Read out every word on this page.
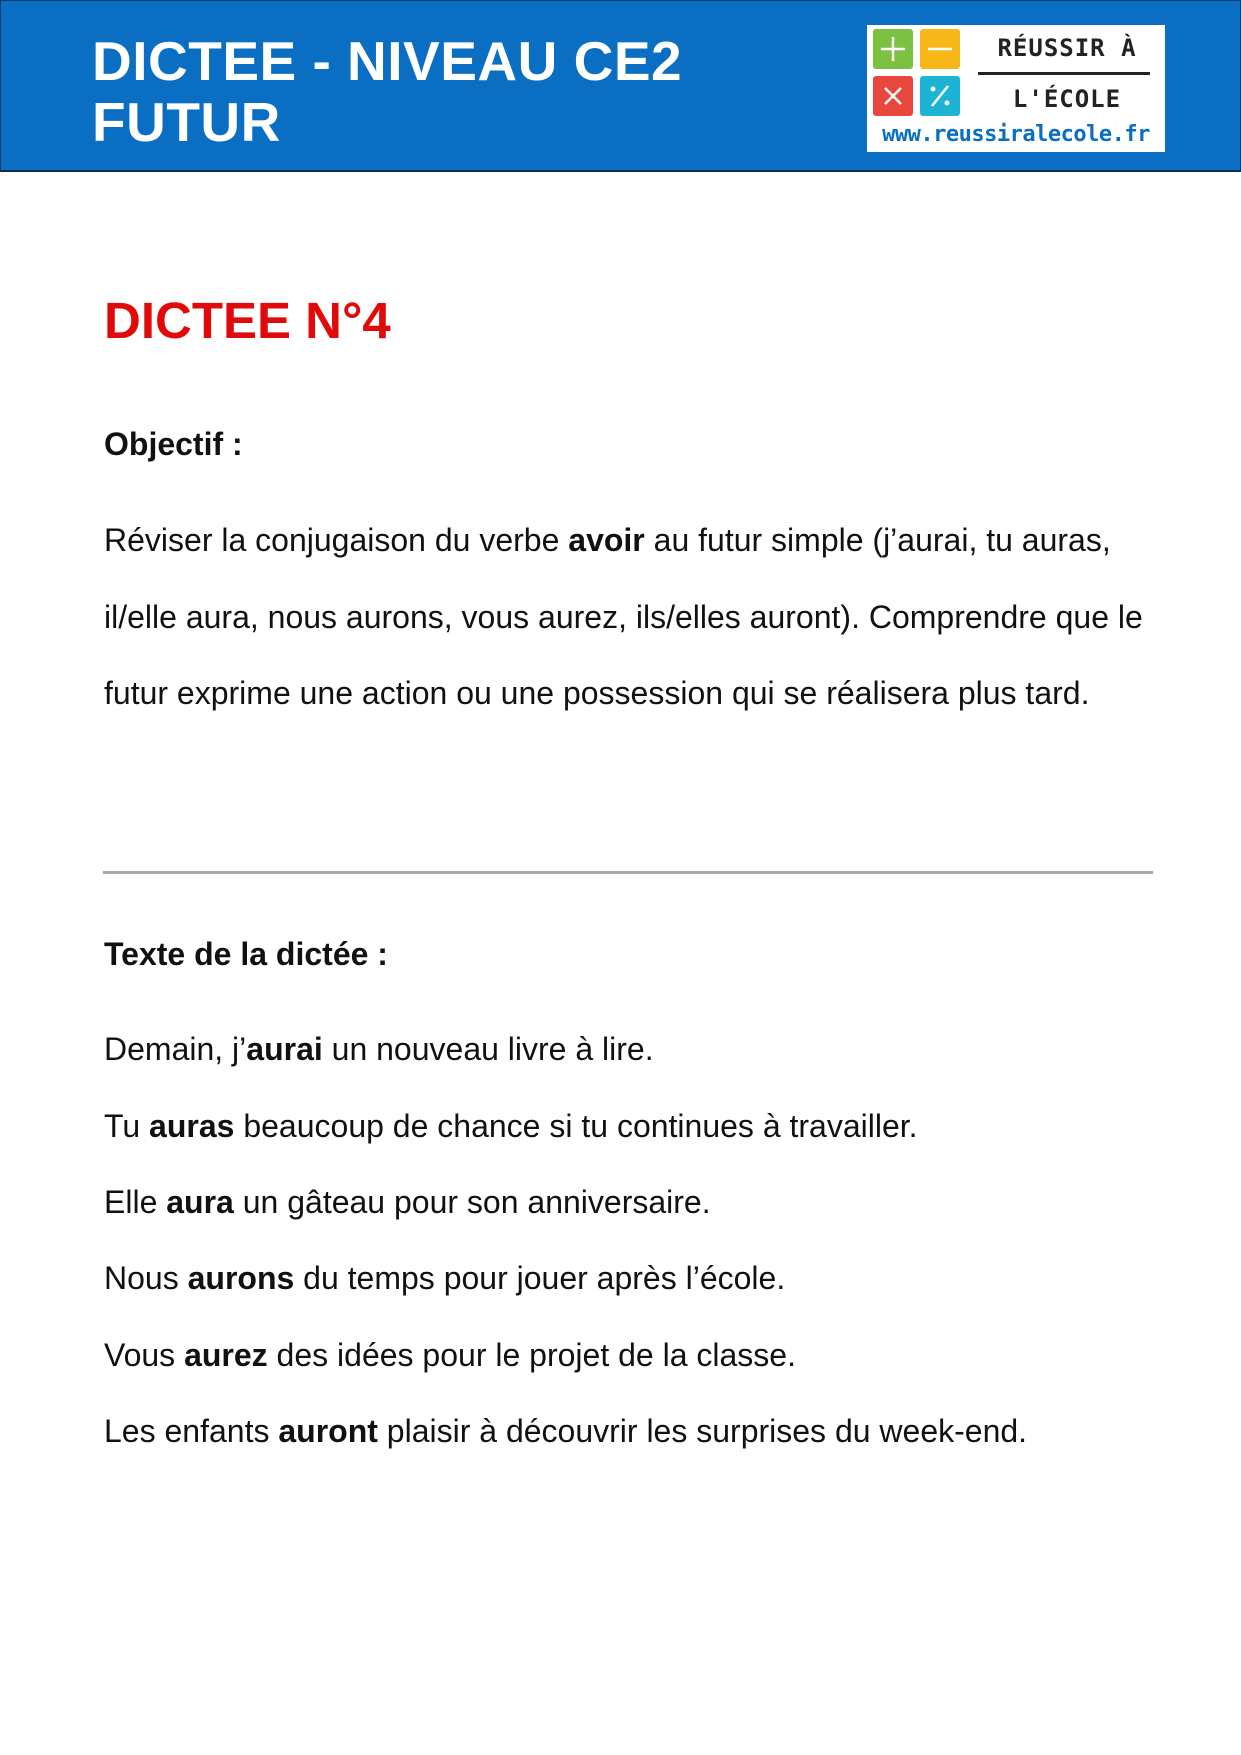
DICTEE - NIVEAU CE2
FUTUR
RÉUSSIR À
L'ÉCOLE
www.reussiralecole.fr
DICTEE N°4
Objectif :
Réviser la conjugaison du verbe avoir au futur simple (j’aurai, tu auras, il/elle aura, nous aurons, vous aurez, ils/elles auront). Comprendre que le futur exprime une action ou une possession qui se réalisera plus tard.
Texte de la dictée :
Demain, j’aurai un nouveau livre à lire.
Tu auras beaucoup de chance si tu continues à travailler.
Elle aura un gâteau pour son anniversaire.
Nous aurons du temps pour jouer après l’école.
Vous aurez des idées pour le projet de la classe.
Les enfants auront plaisir à découvrir les surprises du week-end.
